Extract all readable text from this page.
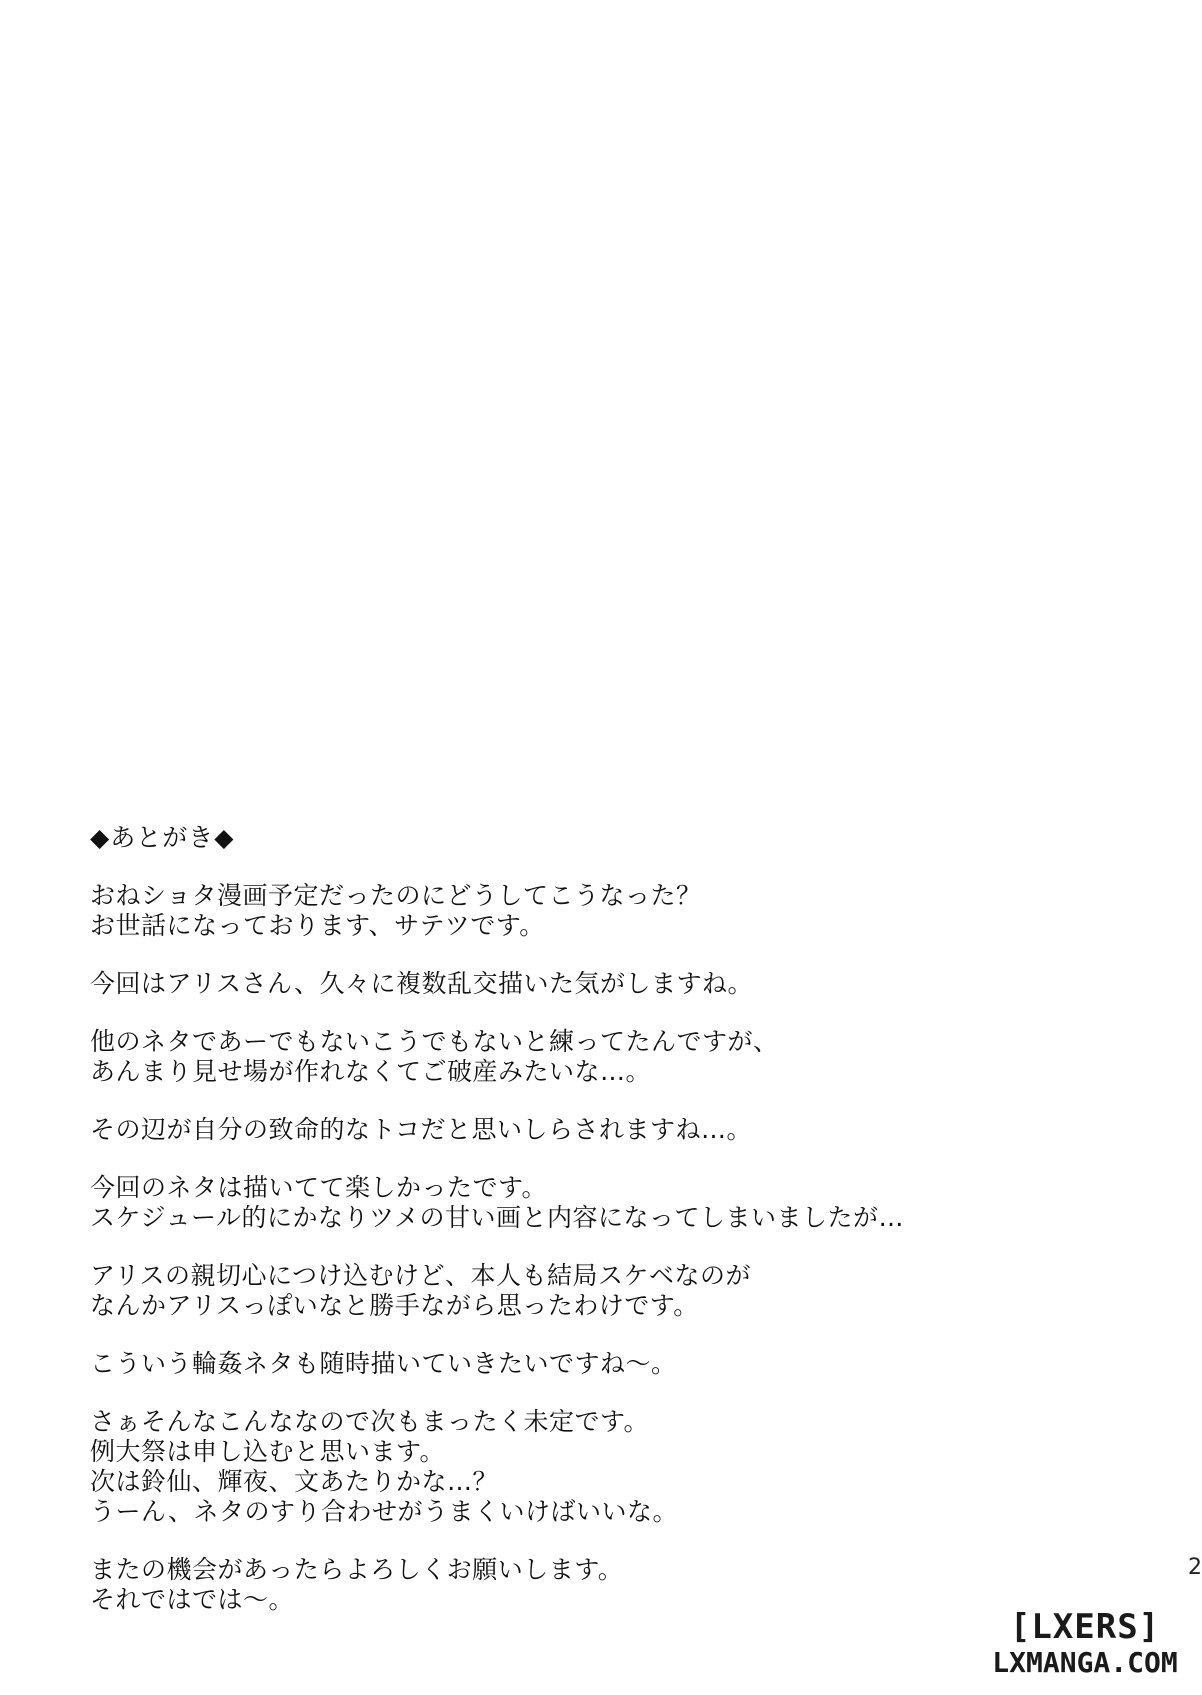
◆あとがき◆
おねショタ漫画予定だったのにどうしてこうなった？
お世話になっております、サテツです。
今回はアリスさん、久々に複数乱交描いた気がしますね。
他のネタであーでもないこうでもないと練ってたんですが、
あんまり見せ場が作れなくてご破産みたいな…。
その辺が自分の致命的なトコだと思いしらされますね…。
今回のネタは描いてて楽しかったです。
スケジュール的にかなりツメの甘い画と内容になってしまいましたが…
アリスの親切心につけ込むけど、本人も結局スケベなのが
なんかアリスっぽいなと勝手ながら思ったわけです。
こういう輪姦ネタも随時描いていきたいですね～。
さぁそんなこんななので次もまったく未定です。
例大祭は申し込むと思います。
次は鈴仙、輝夜、文あたりかな…？
うーん、ネタのすり合わせがうまくいけばいいな。
またの機会があったらよろしくお願いします。
それではでは～。
2
[LXERS]
LXMANGA.COM
